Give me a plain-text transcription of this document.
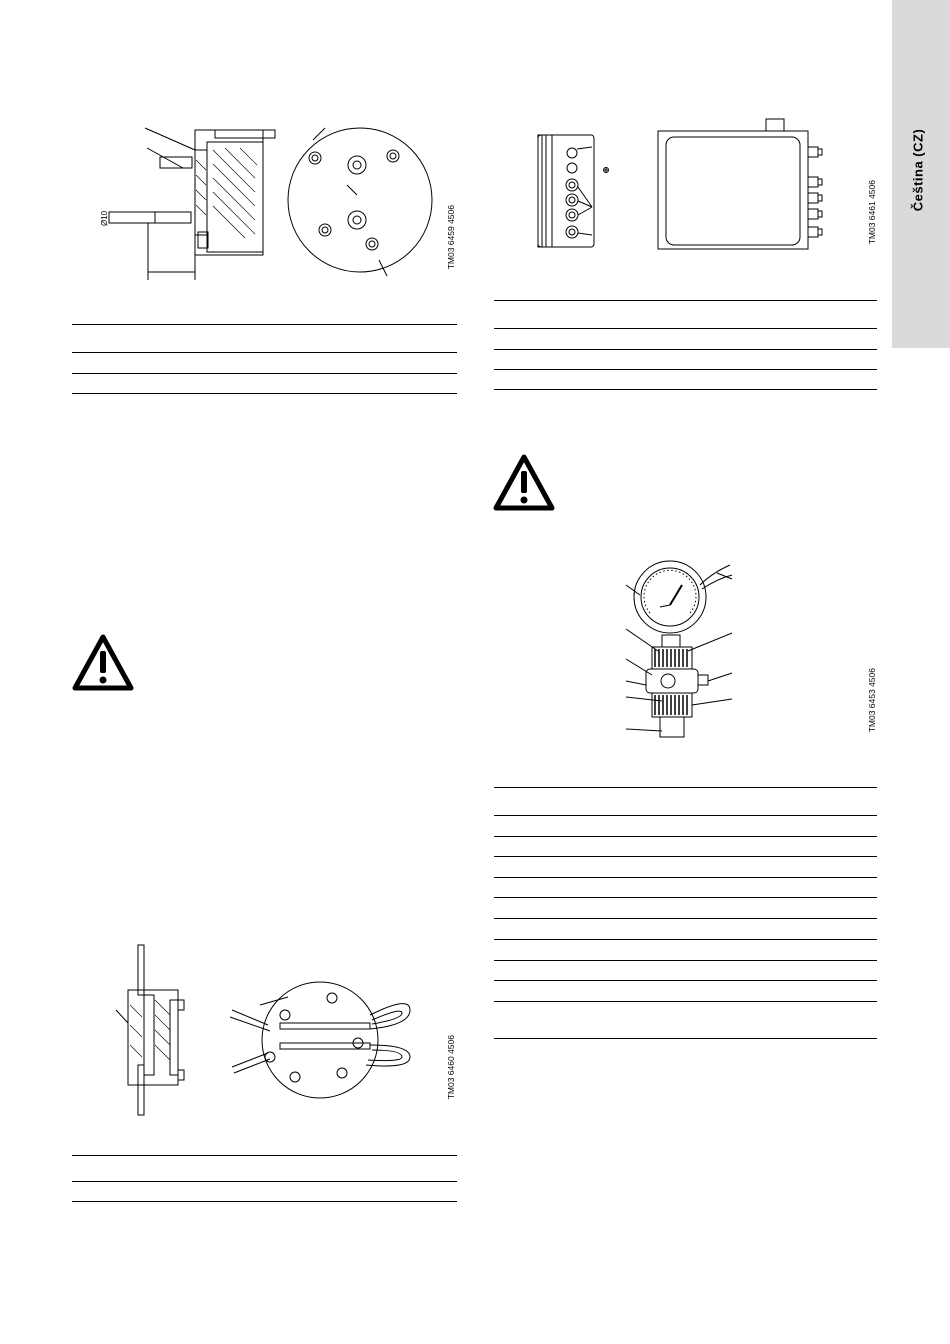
Čeština (CZ)
Ø10	TM03 6459 4506
TM03 6460 4506
TM03 6461 4506
TM03 6453 4506
